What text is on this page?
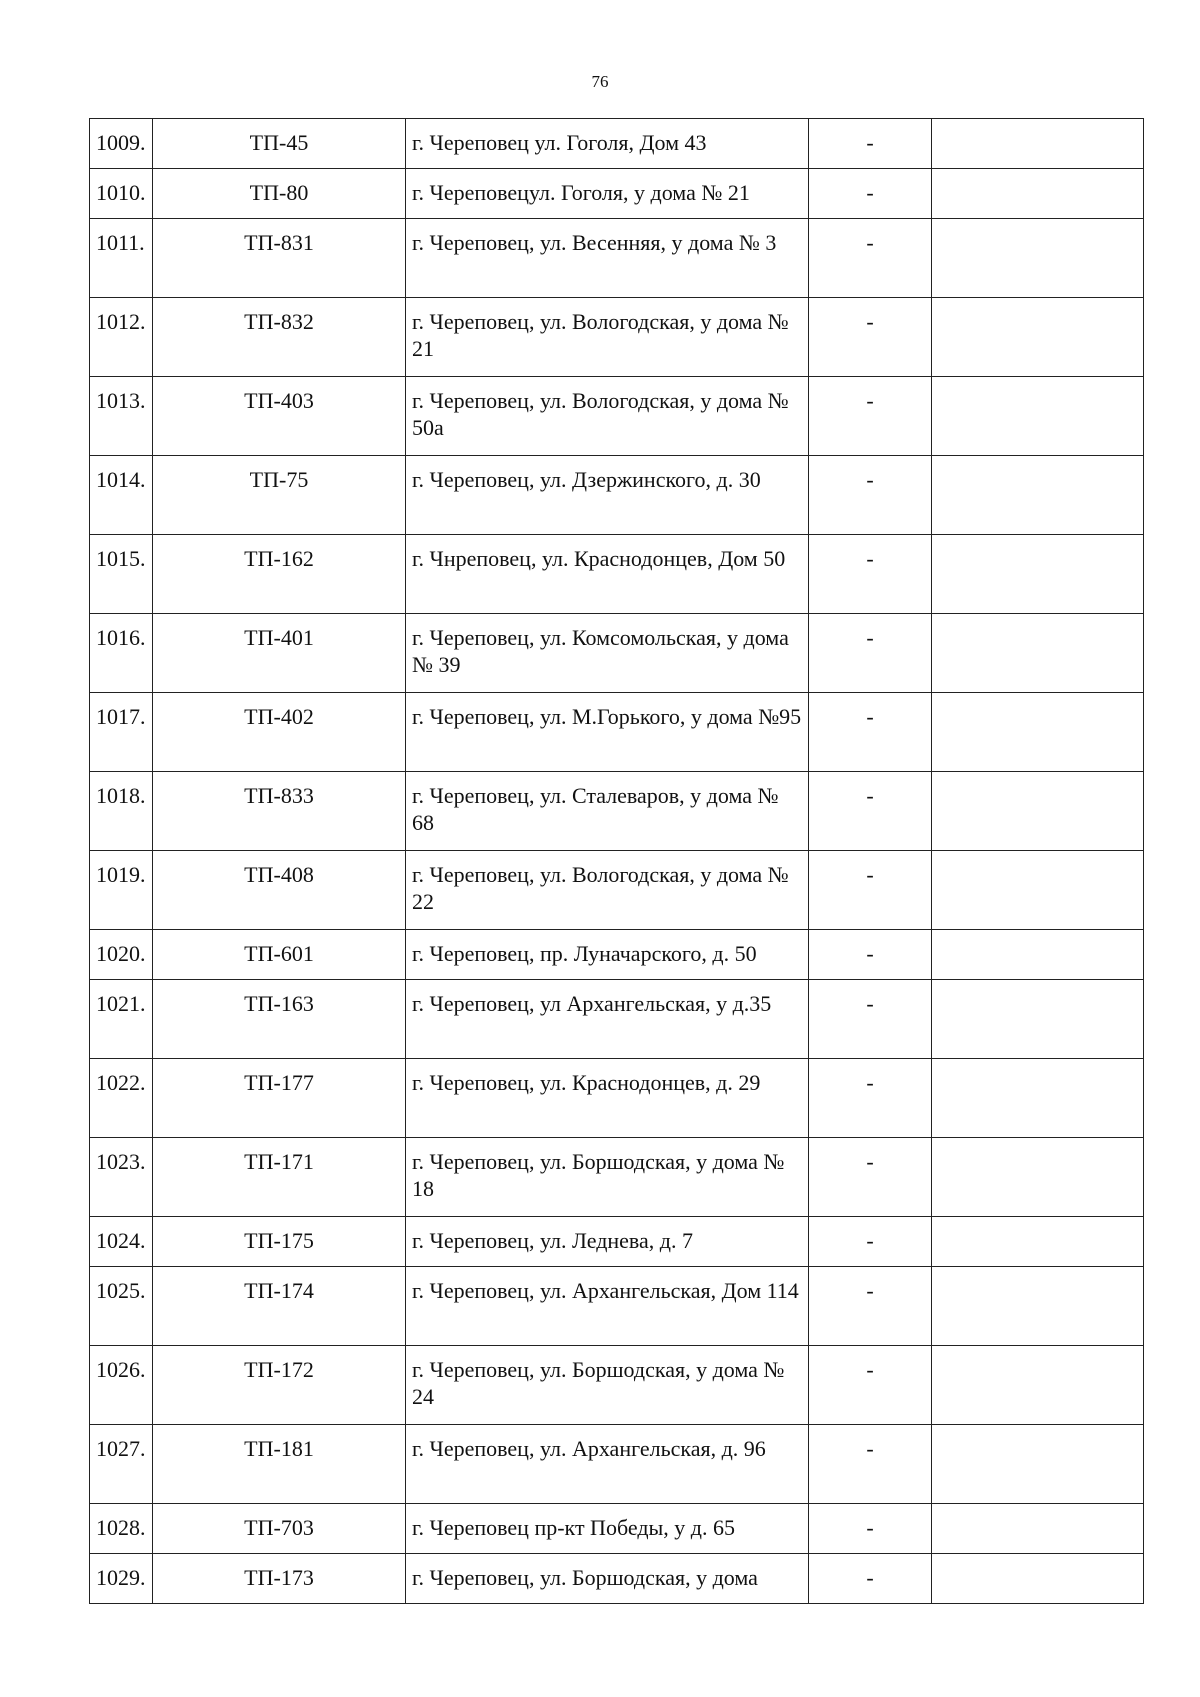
76
1009.	ТП-45	г. Череповец ул. Гоголя, Дом 43	-	
1010.	ТП-80	г. Череповецул. Гоголя, у дома № 21	-	
1011.	ТП-831	г. Череповец, ул. Весенняя, у дома № 3	-	
1012.	ТП-832	г. Череповец, ул. Вологодская, у дома № 21	-	
1013.	ТП-403	г. Череповец, ул. Вологодская, у дома № 50а	-	
1014.	ТП-75	г. Череповец, ул. Дзержинского, д. 30	-	
1015.	ТП-162	г. Чнреповец, ул. Краснодонцев, Дом 50	-	
1016.	ТП-401	г. Череповец, ул. Комсомольская, у дома № 39	-	
1017.	ТП-402	г. Череповец, ул. М.Горького, у дома №95	-	
1018.	ТП-833	г. Череповец, ул. Сталеваров, у дома № 68	-	
1019.	ТП-408	г. Череповец, ул. Вологодская, у дома № 22	-	
1020.	ТП-601	г. Череповец, пр. Луначарского, д. 50	-	
1021.	ТП-163	г. Череповец, ул Архангельская, у д.35	-	
1022.	ТП-177	г. Череповец, ул. Краснодонцев, д. 29	-	
1023.	ТП-171	г. Череповец, ул. Боршодская, у дома № 18	-	
1024.	ТП-175	г. Череповец, ул. Леднева, д. 7	-	
1025.	ТП-174	г. Череповец, ул. Архангельская, Дом 114	-	
1026.	ТП-172	г. Череповец, ул. Боршодская, у дома № 24	-	
1027.	ТП-181	г. Череповец, ул. Архангельская, д. 96	-	
1028.	ТП-703	г. Череповец пр-кт Победы, у д. 65	-	
1029.	ТП-173	г. Череповец, ул. Боршодская, у дома	-	
